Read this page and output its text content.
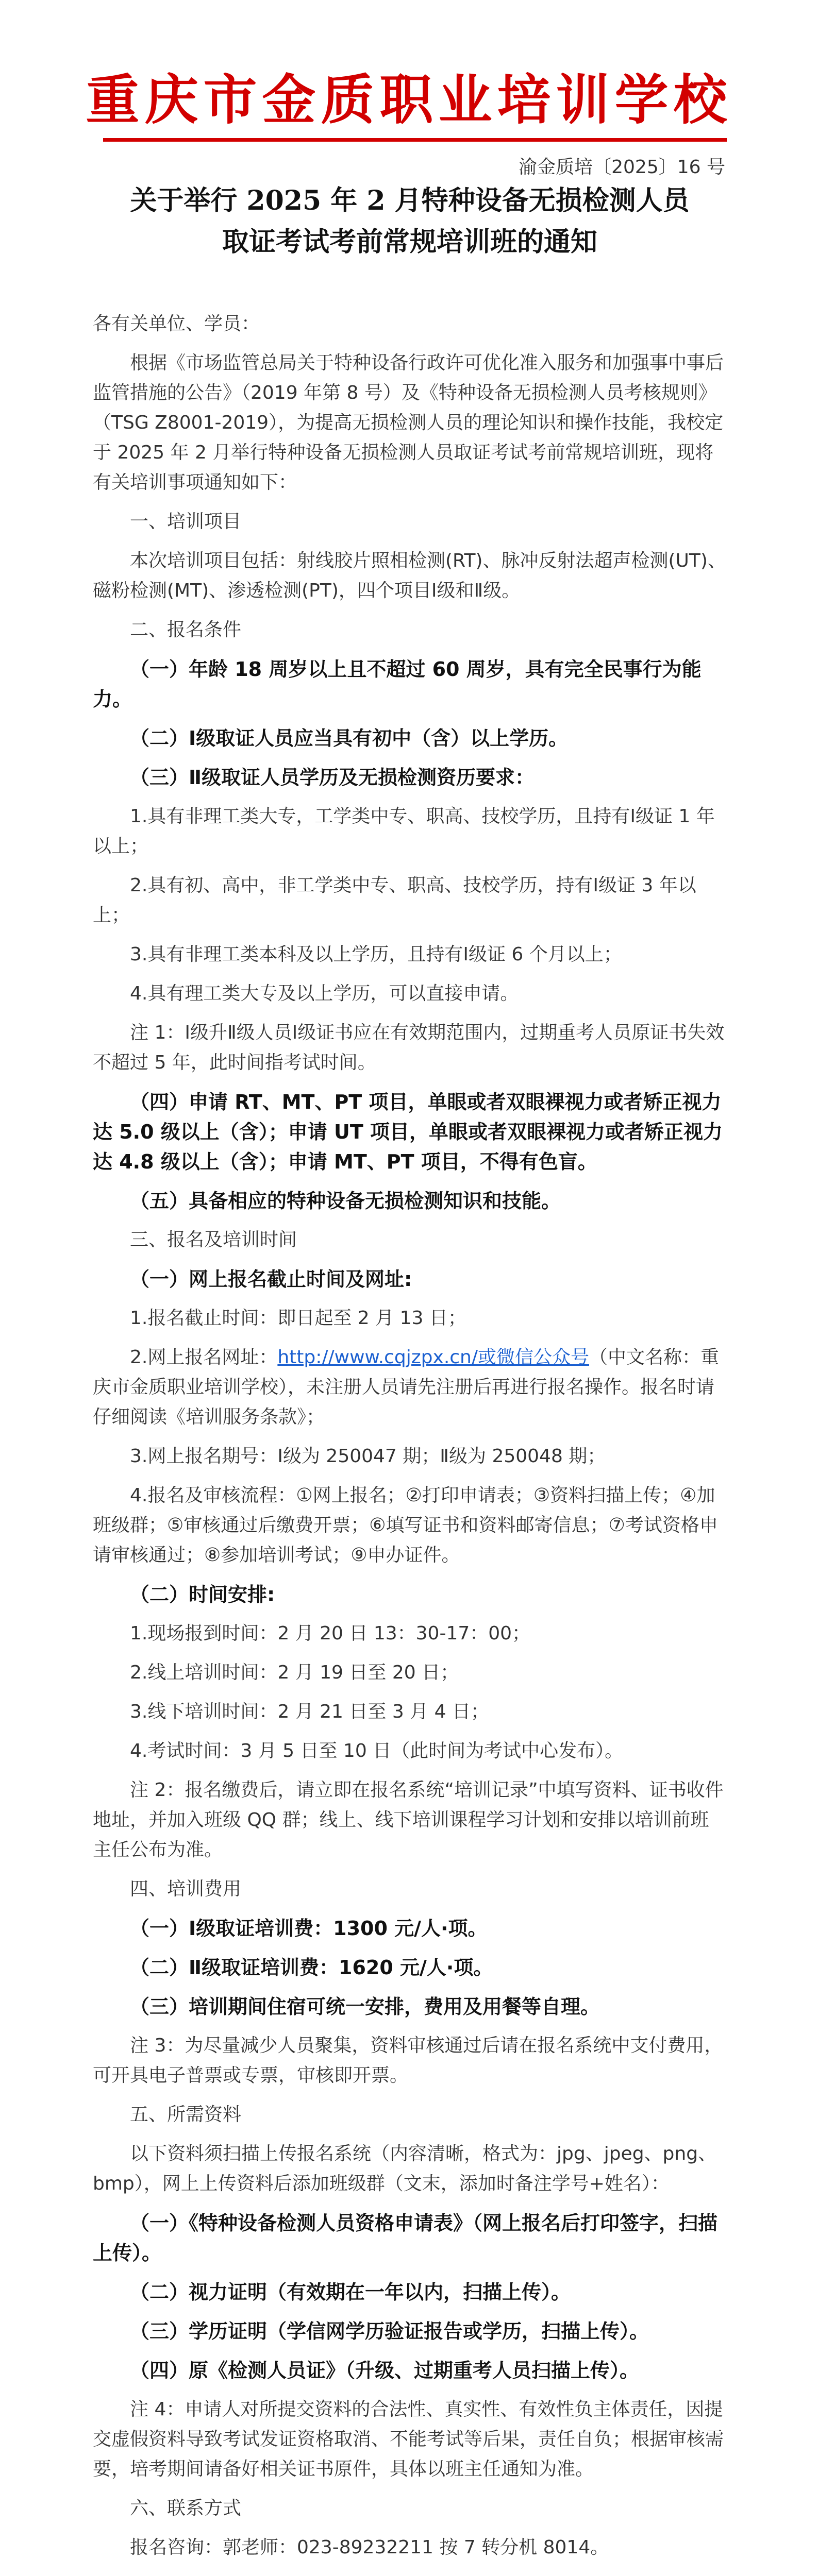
重庆市金质职业培训学校
渝金质培〔2025〕16 号
关于举行 2025 年 2 月特种设备无损检测人员
取证考试考前常规培训班的通知

各有关单位、学员：

根据《市场监管总局关于特种设备行政许可优化准入服务和加强事中事后监管措施的公告》（2019 年第 8 号）及《特种设备无损检测人员考核规则》（TSG Z8001-2019），为提高无损检测人员的理论知识和操作技能，我校定于 2025 年 2 月举行特种设备无损检测人员取证考试考前常规培训班，现将有关培训事项通知如下：

一、培训项目

本次培训项目包括：射线胶片照相检测(RT)、脉冲反射法超声检测(UT)、磁粉检测(MT)、渗透检测(PT)，四个项目Ⅰ级和Ⅱ级。

二、报名条件

（一）年龄 18 周岁以上且不超过 60 周岁，具有完全民事行为能力。

（二）Ⅰ级取证人员应当具有初中（含）以上学历。

（三）Ⅱ级取证人员学历及无损检测资历要求：

1.具有非理工类大专，工学类中专、职高、技校学历，且持有Ⅰ级证 1 年以上；

2.具有初、高中，非工学类中专、职高、技校学历，持有Ⅰ级证 3 年以上；

3.具有非理工类本科及以上学历，且持有Ⅰ级证 6 个月以上；

4.具有理工类大专及以上学历，可以直接申请。

注 1：Ⅰ级升Ⅱ级人员Ⅰ级证书应在有效期范围内，过期重考人员原证书失效不超过 5 年，此时间指考试时间。

（四）申请 RT、MT、PT 项目，单眼或者双眼裸视力或者矫正视力达 5.0 级以上（含）；申请 UT 项目，单眼或者双眼裸视力或者矫正视力达 4.8 级以上（含）；申请 MT、PT 项目，不得有色盲。

（五）具备相应的特种设备无损检测知识和技能。

三、报名及培训时间

（一）网上报名截止时间及网址:

1.报名截止时间：即日起至 2 月 13 日；

2.网上报名网址：http://www.cqjzpx.cn/或微信公众号（中文名称：重庆市金质职业培训学校），未注册人员请先注册后再进行报名操作。报名时请仔细阅读《培训服务条款》；

3.网上报名期号：Ⅰ级为 250047 期；Ⅱ级为 250048 期；

4.报名及审核流程：①网上报名；②打印申请表；③资料扫描上传；④加班级群；⑤审核通过后缴费开票；⑥填写证书和资料邮寄信息；⑦考试资格申请审核通过；⑧参加培训考试；⑨申办证件。

（二）时间安排:

1.现场报到时间：2 月 20 日 13：30-17：00；

2.线上培训时间：2 月 19 日至 20 日；

3.线下培训时间：2 月 21 日至 3 月 4 日；

4.考试时间：3 月 5 日至 10 日（此时间为考试中心发布）。

注 2：报名缴费后，请立即在报名系统“培训记录”中填写资料、证书收件地址，并加入班级 QQ 群；线上、线下培训课程学习计划和安排以培训前班主任公布为准。

四、培训费用

（一）Ⅰ级取证培训费：1300 元/人·项。

（二）Ⅱ级取证培训费：1620 元/人·项。

（三）培训期间住宿可统一安排，费用及用餐等自理。

注 3：为尽量减少人员聚集，资料审核通过后请在报名系统中支付费用，可开具电子普票或专票，审核即开票。

五、所需资料

以下资料须扫描上传报名系统（内容清晰，格式为：jpg、jpeg、png、bmp），网上上传资料后添加班级群（文末，添加时备注学号+姓名）：

（一）《特种设备检测人员资格申请表》（网上报名后打印签字，扫描上传）。

（二）视力证明（有效期在一年以内，扫描上传）。

（三）学历证明（学信网学历验证报告或学历，扫描上传）。

（四）原《检测人员证》（升级、过期重考人员扫描上传）。

注 4：申请人对所提交资料的合法性、真实性、有效性负主体责任，因提交虚假资料导致考试发证资格取消、不能考试等后果，责任自负；根据审核需要，培考期间请备好相关证书原件，具体以班主任通知为准。

六、联系方式

报名咨询：郭老师：023-89232211 按 7 转分机 8014。
